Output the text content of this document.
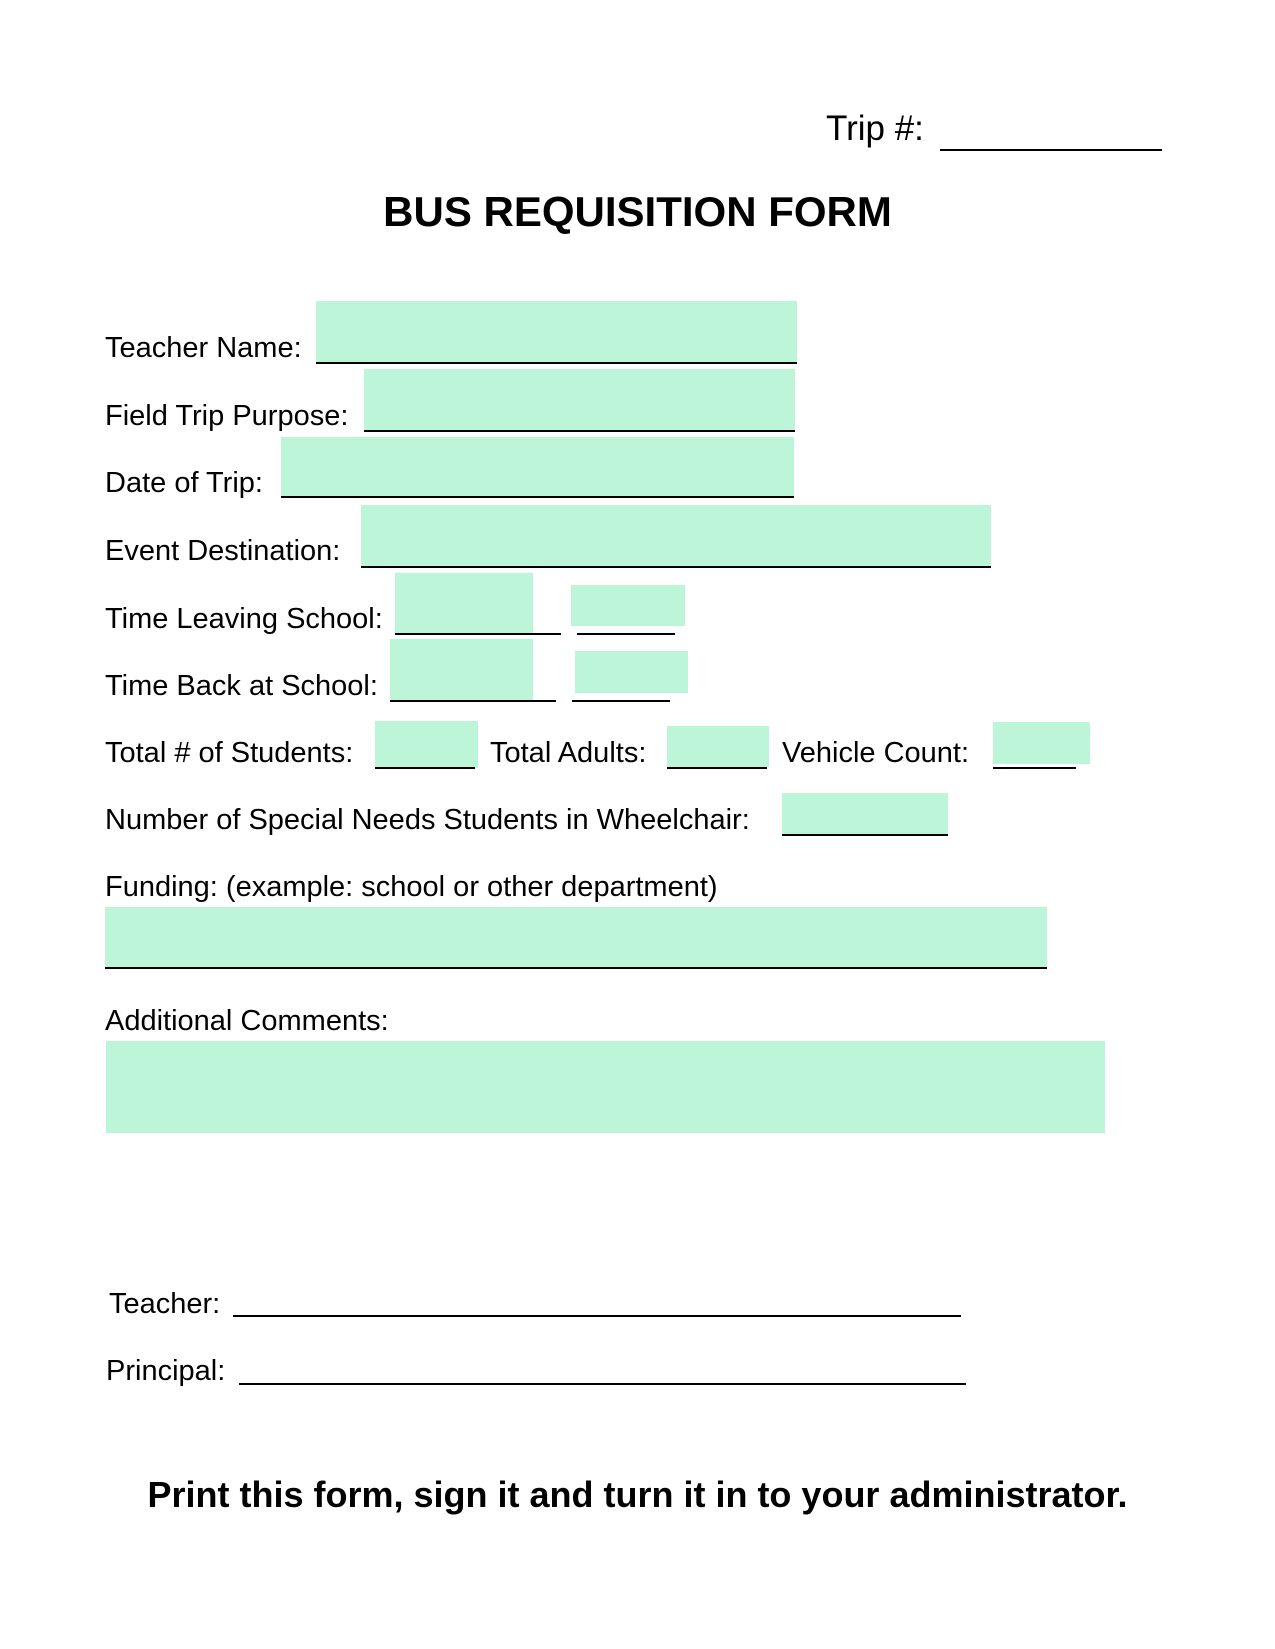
Trip #:
BUS REQUISITION FORM
Teacher Name:
Field Trip Purpose:
Date of Trip:
Event Destination:
Time Leaving School:
Time Back at School:
Total # of Students:	Total Adults:	Vehicle Count:
Number of Special Needs Students in Wheelchair:
Funding: (example: school or other department)
Additional Comments:
Teacher:
Principal:
Print this form, sign it and turn it in to your administrator.
